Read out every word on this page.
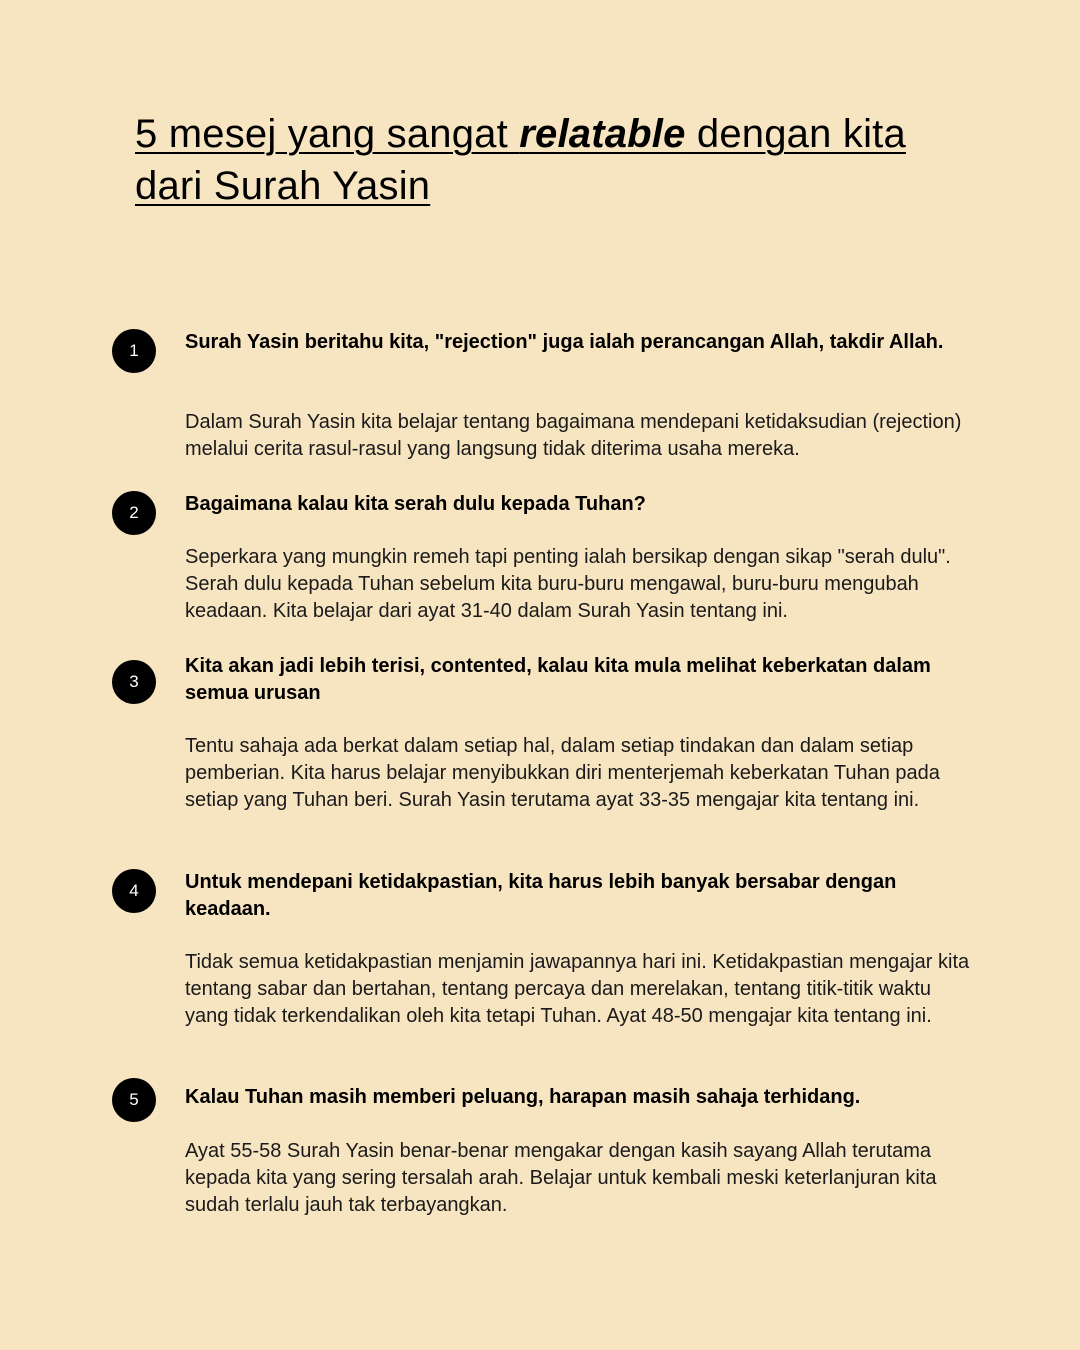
5 mesej yang sangat relatable dengan kita dari Surah Yasin
1	Surah Yasin beritahu kita, "rejection" juga ialah perancangan Allah, takdir Allah.

Dalam Surah Yasin kita belajar tentang bagaimana mendepani ketidaksudian (rejection) melalui cerita rasul-rasul yang langsung tidak diterima usaha mereka.

2	Bagaimana kalau kita serah dulu kepada Tuhan?

Seperkara yang mungkin remeh tapi penting ialah bersikap dengan sikap "serah dulu". Serah dulu kepada Tuhan sebelum kita buru-buru mengawal, buru-buru mengubah keadaan. Kita belajar dari ayat 31-40 dalam Surah Yasin tentang ini.

3

Kita akan jadi lebih terisi, contented, kalau kita mula melihat keberkatan dalam semua urusan

Tentu sahaja ada berkat dalam setiap hal, dalam setiap tindakan dan dalam setiap pemberian. Kita harus belajar menyibukkan diri menterjemah keberkatan Tuhan pada setiap yang Tuhan beri. Surah Yasin terutama ayat 33-35 mengajar kita tentang ini.

4	Untuk mendepani ketidakpastian, kita harus lebih banyak bersabar dengan keadaan.

Tidak semua ketidakpastian menjamin jawapannya hari ini. Ketidakpastian mengajar kita tentang sabar dan bertahan, tentang percaya dan merelakan, tentang titik-titik waktu yang tidak terkendalikan oleh kita tetapi Tuhan. Ayat 48-50 mengajar kita tentang ini.

5	Kalau Tuhan masih memberi peluang, harapan masih sahaja terhidang.

Ayat 55-58 Surah Yasin benar-benar mengakar dengan kasih sayang Allah terutama kepada kita yang sering tersalah arah. Belajar untuk kembali meski keterlanjuran kita sudah terlalu jauh tak terbayangkan.
